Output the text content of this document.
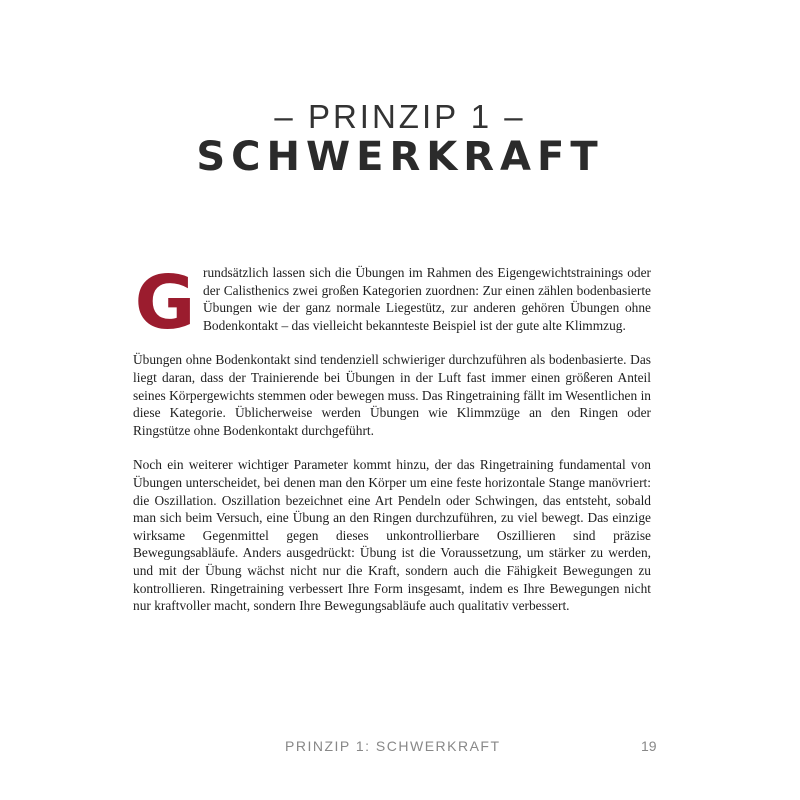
– PRINZIP 1 –
SCHWERKRAFT
G rundsätzlich lassen sich die Übungen im Rahmen des Eigengewichtstrainings oder der Calisthenics zwei großen Kategorien zuordnen: Zur einen zählen bodenbasierte Übungen wie der ganz normale Liegestütz, zur anderen gehören Übungen ohne Bodenkontakt – das vielleicht bekannteste Beispiel ist der gute alte Klimmzug.

Übungen ohne Bodenkontakt sind tendenziell schwieriger durchzuführen als bodenbasierte. Das liegt daran, dass der Trainierende bei Übungen in der Luft fast immer einen größeren Anteil seines Körpergewichts stemmen oder bewegen muss. Das Ringetraining fällt im Wesentlichen in diese Kategorie. Üblicherweise werden Übungen wie Klimmzüge an den Ringen oder Ringstütze ohne Bodenkontakt durchgeführt.

Noch ein weiterer wichtiger Parameter kommt hinzu, der das Ringetraining fundamental von Übungen unterscheidet, bei denen man den Körper um eine feste horizontale Stange manövriert: die Oszillation. Oszillation bezeichnet eine Art Pendeln oder Schwingen, das entsteht, sobald man sich beim Versuch, eine Übung an den Ringen durchzuführen, zu viel bewegt. Das einzige wirksame Gegenmittel gegen dieses unkontrollierbare Oszillieren sind präzise Bewegungsabläufe. Anders ausgedrückt: Übung ist die Voraussetzung, um stärker zu werden, und mit der Übung wächst nicht nur die Kraft, sondern auch die Fähigkeit Bewegungen zu kontrollieren. Ringetraining verbessert Ihre Form insgesamt, indem es Ihre Bewegungen nicht nur kraftvoller macht, sondern Ihre Bewegungsabläufe auch qualitativ verbessert.

PRINZIP 1: SCHWERKRAFT	19
